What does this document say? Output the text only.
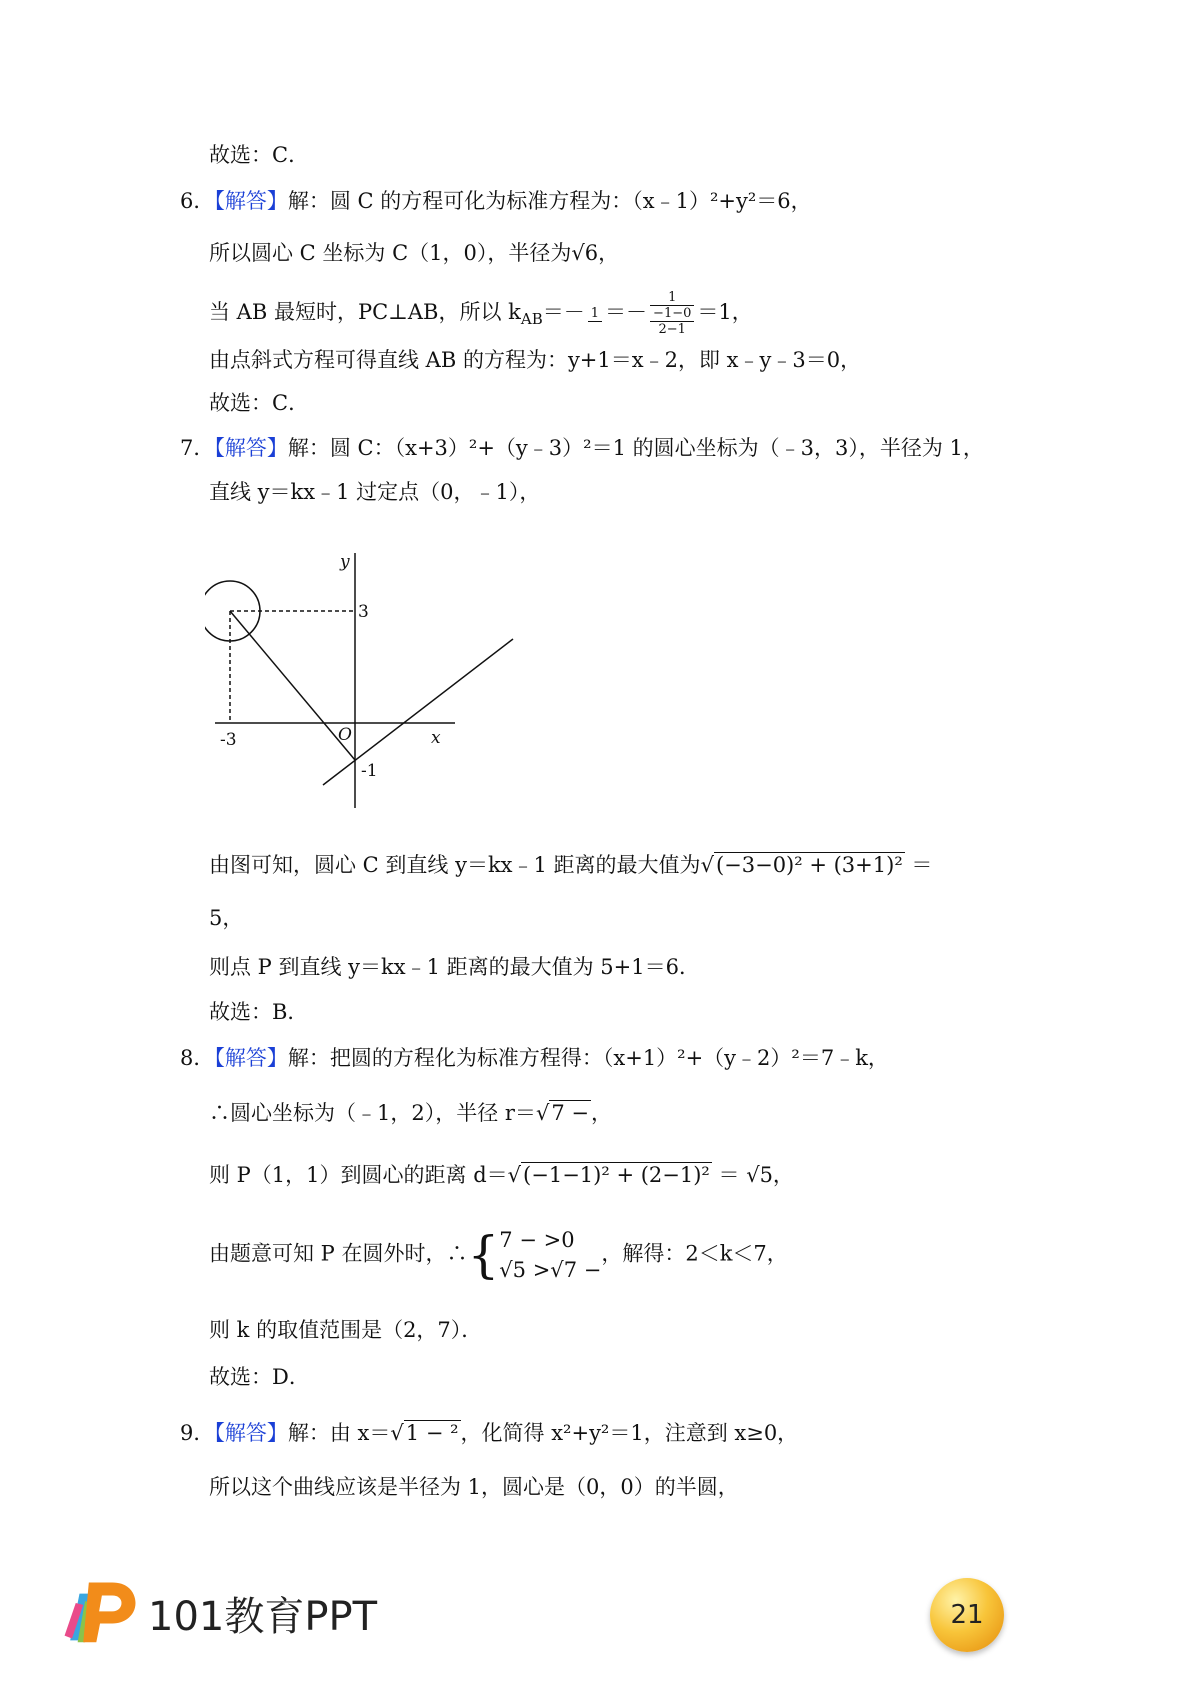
故选：C．
6．【解答】解：圆 C 的方程可化为标准方程为：（x﹣1）²+y²＝6，
所以圆心 C 坐标为 C（1，0），半径为√6，
当 AB 最短时，PC⊥AB，所以 $k_{AB}=- 1$ ＝－
1
−1−0
2−1
＝1，
由点斜式方程可得直线 AB 的方程为：y+1＝x﹣2，即 x﹣y﹣3＝0，
故选：C．
7．【解答】解：圆 C：（x+3）²+（y﹣3）²＝1 的圆心坐标为（﹣3，3），半径为 1，
直线 y＝kx﹣1 过定点（0，﹣1），
y
x
O
3
-3
-1
由图可知，圆心 C 到直线 y＝kx﹣1 距离的最大值为√(−3−0)² + (3+1)² ＝
5，
则点 P 到直线 y＝kx﹣1 距离的最大值为 5+1＝6．
故选：B．
8．【解答】解：把圆的方程化为标准方程得：（x+1）²+（y﹣2）²＝7﹣k，
∴圆心坐标为（﹣1，2），半径 r＝√7 −，
则 P（1，1）到圆心的距离 d＝√(−1−1)² + (2−1)² ＝ √5，
由题意可知 P 在圆外时，∴{ 7 − >0
√5 >√7 −
，解得：2＜k＜7，
则 k 的取值范围是（2，7）．
故选：D．
9．【解答】解：由 x＝√1 − ²，化简得 x²+y²＝1，注意到 x≥0，
所以这个曲线应该是半径为 1，圆心是（0，0）的半圆，
101教育PPT	21
